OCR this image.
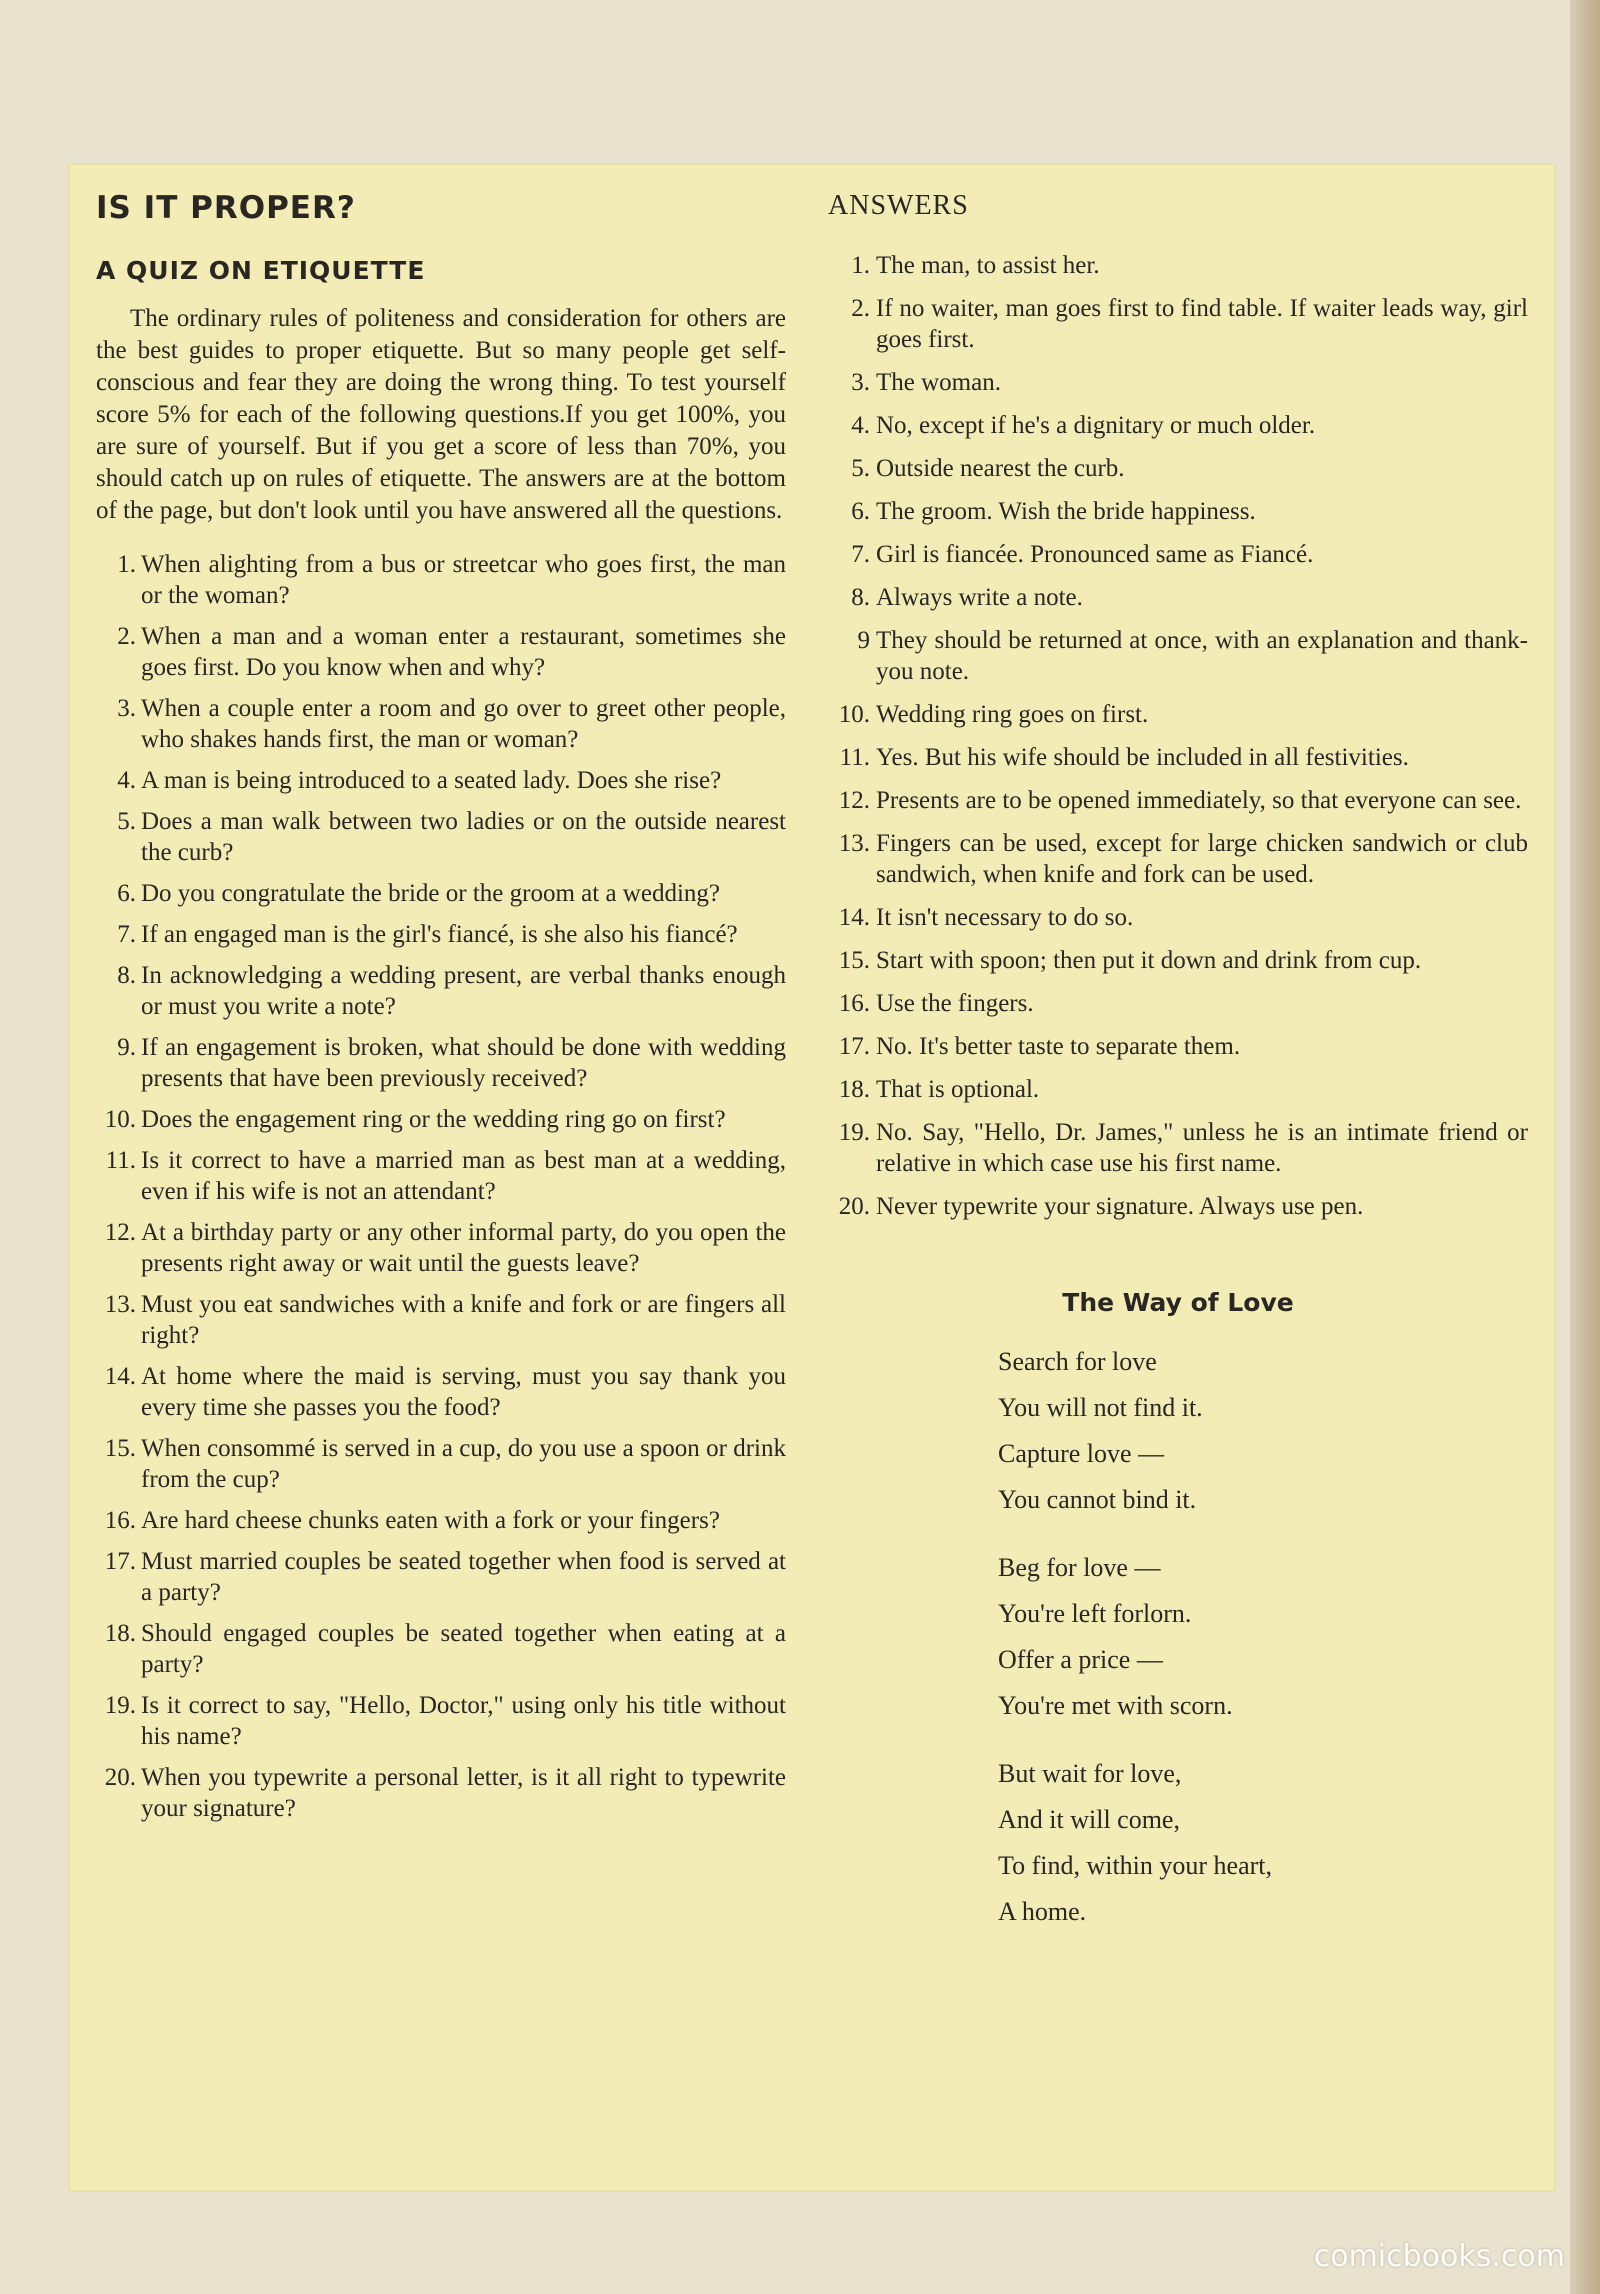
IS IT PROPER?
A QUIZ ON ETIQUETTE

The ordinary rules of politeness and consideration for others are the best guides to proper etiquette. But so many people get self-conscious and fear they are doing the wrong thing. To test yourself score 5% for each of the following questions.If you get 100%, you are sure of yourself. But if you get a score of less than 70%, you should catch up on rules of etiquette. The answers are at the bottom of the page, but don't look until you have answered all the questions.

1. When alighting from a bus or streetcar who goes first, the man or the woman?
2. When a man and a woman enter a restaurant, sometimes she goes first. Do you know when and why?
3. When a couple enter a room and go over to greet other people, who shakes hands first, the man or woman?
4. A man is being introduced to a seated lady. Does she rise?
5. Does a man walk between two ladies or on the outside nearest the curb?
6. Do you congratulate the bride or the groom at a wedding?
7. If an engaged man is the girl's fiancé, is she also his fiancé?
8. In acknowledging a wedding present, are verbal thanks enough or must you write a note?
9. If an engagement is broken, what should be done with wedding presents that have been previously received?
10. Does the engagement ring or the wedding ring go on first?
11. Is it correct to have a married man as best man at a wedding, even if his wife is not an attendant?
12. At a birthday party or any other informal party, do you open the presents right away or wait until the guests leave?
13. Must you eat sandwiches with a knife and fork or are fingers all right?
14. At home where the maid is serving, must you say thank you every time she passes you the food?
15. When consommé is served in a cup, do you use a spoon or drink from the cup?
16. Are hard cheese chunks eaten with a fork or your fingers?
17. Must married couples be seated together when food is served at a party?
18. Should engaged couples be seated together when eating at a party?
19. Is it correct to say, "Hello, Doctor," using only his title without his name?
20. When you typewrite a personal letter, is it all right to typewrite your signature?
ANSWERS
1. The man, to assist her.
2. If no waiter, man goes first to find table. If waiter leads way, girl goes first.
3. The woman.
4. No, except if he's a dignitary or much older.
5. Outside nearest the curb.
6. The groom. Wish the bride happiness.
7. Girl is fiancée. Pronounced same as Fiancé.
8. Always write a note.
9 They should be returned at once, with an explanation and thank-you note.
10. Wedding ring goes on first.
11. Yes. But his wife should be included in all festivities.
12. Presents are to be opened immediately, so that everyone can see.
13. Fingers can be used, except for large chicken sandwich or club sandwich, when knife and fork can be used.
14. It isn't necessary to do so.
15. Start with spoon; then put it down and drink from cup.
16. Use the fingers.
17. No. It's better taste to separate them.
18. That is optional.
19. No. Say, "Hello, Dr. James," unless he is an intimate friend or relative in which case use his first name.
20. Never typewrite your signature. Always use pen.
The Way of Love
Search for love
You will not find it.
Capture love —
You cannot bind it.
Beg for love —
You're left forlorn.
Offer a price —
You're met with scorn.
But wait for love,
And it will come,
To find, within your heart,
A home.
comicbooks.com
